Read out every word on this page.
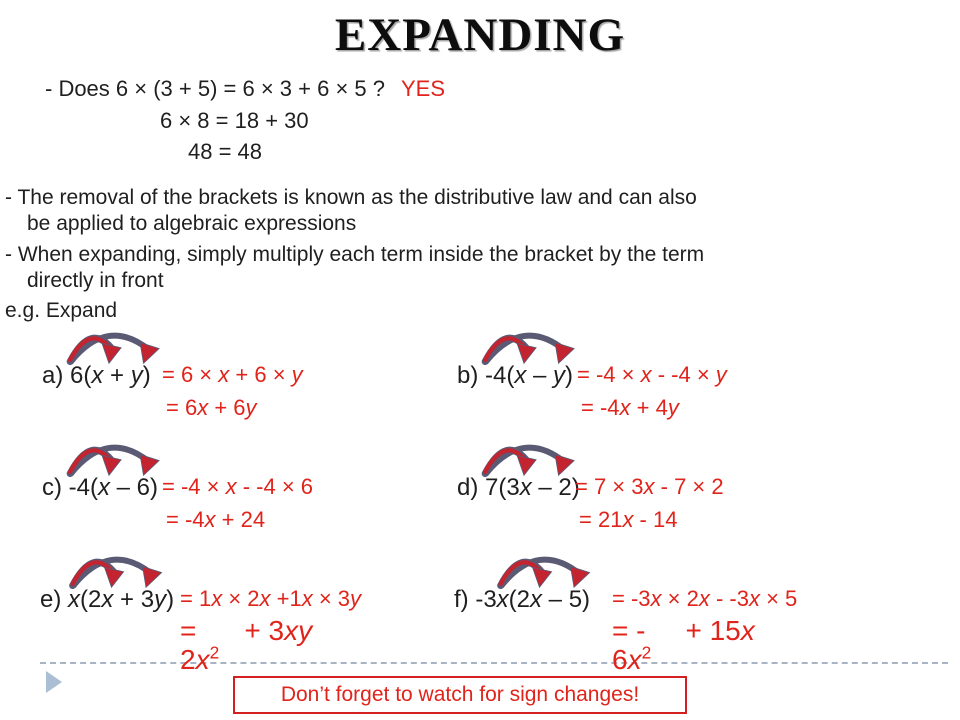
EXPANDING
- Does 6 × (3 + 5) = 6 × 3 + 6 × 5 ? YES
6 × 8 = 18 + 30
48 = 48
- The removal of the brackets is known as the distributive law and can also
be applied to algebraic expressions
- When expanding, simply multiply each term inside the bracket by the term
directly in front
e.g. Expand
a) 6(x + y) = 6 × x + 6 × y
= 6x + 6y
b) -4(x – y) = -4 × x - -4 × y
= -4x + 4y
c) -4(x – 6) = -4 × x - -4 × 6
= -4x + 24
d) 7(3x – 2)
= 7 × 3x - 7 × 2
= 21x - 14
e) x(2x + 3y) = 1x × 2x +1x × 3y
= + 3xy
$2x^2$
f) -3x(2x – 5) = -3x × 2x - -3x × 5
= - + 15x
$6x^2$
Don’t forget to watch for sign changes!
